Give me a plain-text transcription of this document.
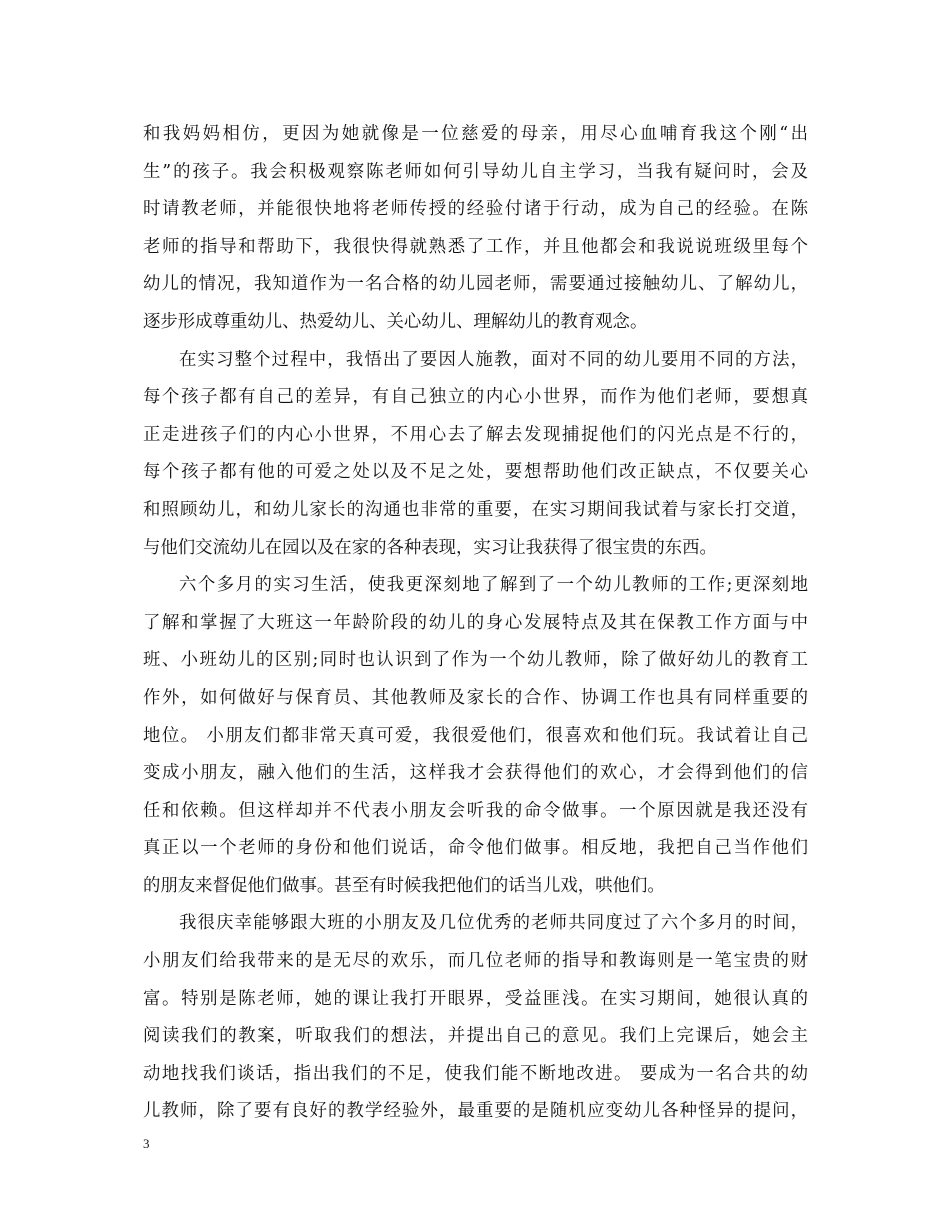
和我妈妈相仿，更因为她就像是一位慈爱的母亲，用尽心血哺育我这个刚“出
生”的孩子。我会积极观察陈老师如何引导幼儿自主学习，当我有疑问时，会及
时请教老师，并能很快地将老师传授的经验付诸于行动，成为自己的经验。在陈
老师的指导和帮助下，我很快得就熟悉了工作，并且他都会和我说说班级里每个
幼儿的情况，我知道作为一名合格的幼儿园老师，需要通过接触幼儿、了解幼儿，
逐步形成尊重幼儿、热爱幼儿、关心幼儿、理解幼儿的教育观念。
在实习整个过程中，我悟出了要因人施教，面对不同的幼儿要用不同的方法，
每个孩子都有自己的差异，有自己独立的内心小世界，而作为他们老师，要想真
正走进孩子们的内心小世界，不用心去了解去发现捕捉他们的闪光点是不行的，
每个孩子都有他的可爱之处以及不足之处，要想帮助他们改正缺点，不仅要关心
和照顾幼儿，和幼儿家长的沟通也非常的重要，在实习期间我试着与家长打交道，
与他们交流幼儿在园以及在家的各种表现，实习让我获得了很宝贵的东西。
六个多月的实习生活，使我更深刻地了解到了一个幼儿教师的工作;更深刻地
了解和掌握了大班这一年龄阶段的幼儿的身心发展特点及其在保教工作方面与中
班、小班幼儿的区别;同时也认识到了作为一个幼儿教师，除了做好幼儿的教育工
作外，如何做好与保育员、其他教师及家长的合作、协调工作也具有同样重要的
地位。 小朋友们都非常天真可爱，我很爱他们，很喜欢和他们玩。我试着让自己
变成小朋友，融入他们的生活，这样我才会获得他们的欢心，才会得到他们的信
任和依赖。但这样却并不代表小朋友会听我的命令做事。一个原因就是我还没有
真正以一个老师的身份和他们说话，命令他们做事。相反地，我把自己当作他们
的朋友来督促他们做事。甚至有时候我把他们的话当儿戏，哄他们。
我很庆幸能够跟大班的小朋友及几位优秀的老师共同度过了六个多月的时间，
小朋友们给我带来的是无尽的欢乐，而几位老师的指导和教诲则是一笔宝贵的财
富。特别是陈老师，她的课让我打开眼界，受益匪浅。在实习期间，她很认真的
阅读我们的教案，听取我们的想法，并提出自己的意见。我们上完课后，她会主
动地找我们谈话，指出我们的不足，使我们能不断地改进。 要成为一名合共的幼
儿教师，除了要有良好的教学经验外，最重要的是随机应变幼儿各种怪异的提问，
3
